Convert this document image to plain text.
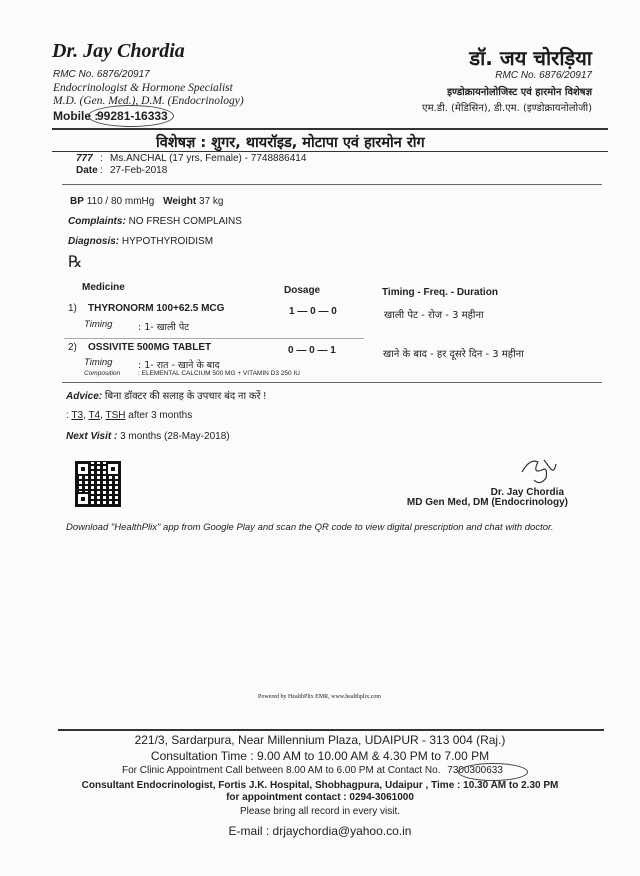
Dr. Jay Chordia
RMC No. 6876/20917
Endocrinologist & Hormone Specialist
M.D. (Gen. Med.), D.M. (Endocrinology)
Mobile :
99281-16333
डॉ. जय चोरड़िया
RMC No. 6876/20917
इण्डोक्रायनोलोजिस्ट एवं हारमोन विशेषज्ञ
एम.डी. (मेडिसिन), डी.एम. (इण्डोक्रायनोलोजी)
विशेषज्ञ : शुगर, थायरॉइड, मोटापा एवं हारमोन रोग
777 : Ms.ANCHAL (17 yrs, Female) - 7748886414
Date : 27-Feb-2018
BP 110 / 80 mmHg Weight 37 kg
Complaints: NO FRESH COMPLAINS
Diagnosis: HYPOTHYROIDISM
℞
Medicine	Dosage	Timing - Freq. - Duration
1) THYRONORM 100+62.5 MCG	1 — 0 — 0	खाली पेट - रोज - 3 महीना
Timing	: 1- खाली पेट
2) OSSIVITE 500MG TABLET	0 — 0 — 1	खाने के बाद - हर दूसरे दिन - 3 महीना
Timing	: 1- रात - खाने के बाद
Composition	: ELEMENTAL CALCIUM 500 MG + VITAMIN D3 250 IU
Advice: बिना डॉक्टर की सलाह के उपचार बंद ना करें !
: T3, T4, TSH after 3 months
Next Visit : 3 months (28-May-2018)
Dr. Jay Chordia
MD Gen Med, DM (Endocrinology)
Download "HealthPlix" app from Google Play and scan the QR code to view digital prescription and chat with doctor.
Powered by HealthPlix EMR, www.healthplix.com
221/3, Sardarpura, Near Millennium Plaza, UDAIPUR - 313 004 (Raj.)
Consultation Time : 9.00 AM to 10.00 AM & 4.30 PM to 7.00 PM
For Clinic Appointment Call between 8.00 AM to 6.00 PM at Contact No. 7300300633
Consultant Endocrinologist, Fortis J.K. Hospital, Shobhagpura, Udaipur , Time : 10.30 AM to 2.30 PM
for appointment contact : 0294-3061000
Please bring all record in every visit.
E-mail : drjaychordia@yahoo.co.in
